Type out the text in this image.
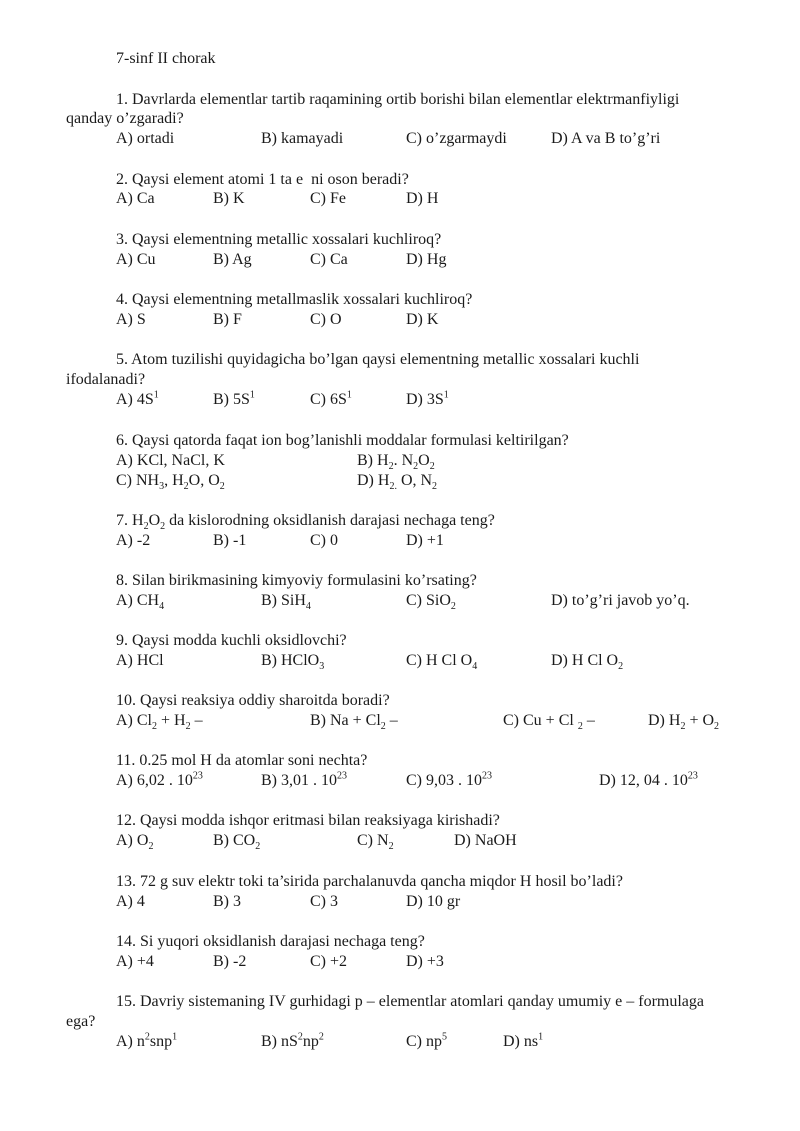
7-sinf II chorak
1. Davrlarda elementlar tartib raqamining ortib borishi bilan elementlar elektrmanfiyligi
qanday o’zgaradi?
A) ortadi	B) kamayadi	C) o’zgarmaydi	D) A va B to’g’ri
2. Qaysi element atomi 1 ta e ni oson beradi?
A) Ca	B) K	C) Fe	D) H
3. Qaysi elementning metallic xossalari kuchliroq?
A) Cu	B) Ag	C) Ca	D) Hg
4. Qaysi elementning metallmaslik xossalari kuchliroq?
A) S	B) F	C) O	D) K
5. Atom tuzilishi quyidagicha bo’lgan qaysi elementning metallic xossalari kuchli
ifodalanadi?
A) $4S^1$	B) $5S^1$	C) $6S^1$	D) $3S^1$
6. Qaysi qatorda faqat ion bog’lanishli moddalar formulasi keltirilgan?
A) KCl, NaCl, K	B) $H_2$. $N_2O_2$
C) $NH_3$, $H_2O$, $O_2$	D) $H_{2.}$ O, $N_2$
7. $H_2O_2$ da kislorodning oksidlanish darajasi nechaga teng?
A) -2	B) -1	C) 0	D) +1
8. Silan birikmasining kimyoviy formulasini ko’rsating?
A) $CH_4$	B) SiH$_4$	C) SiO$_2$	D) to’g’ri javob yo’q.
9. Qaysi modda kuchli oksidlovchi?
A) HCl	B) HClO$_3$	C) H Cl $O_4$	D) H Cl $O_2$
10. Qaysi reaksiya oddiy sharoitda boradi?
A) $Cl_2 + H_2$ –	B) $Na + Cl_2$ –	C) Cu + Cl $_2$ –	D) $H_2 + O_2$
11. 0.25 mol H da atomlar soni nechta?
A) 6,02 . $10^{23}$	B) 3,01 . $10^{23}$	C) 9,03 . $10^{23}$	D) 12, 04 . $10^{23}$
12. Qaysi modda ishqor eritmasi bilan reaksiyaga kirishadi?
A) $O_2$	B) $CO_2$	C) $N_2$	D) NaOH
13. 72 g suv elektr toki ta’sirida parchalanuvda qancha miqdor H hosil bo’ladi?
A) 4	B) 3	C) 3	D) 10 gr
14. Si yuqori oksidlanish darajasi nechaga teng?
A) +4	B) -2	C) +2	D) +3
15. Davriy sistemaning IV gurhidagi p – elementlar atomlari qanday umumiy e – formulaga
ega?
A) $n^2snp^1$	B) $nS^2np^2$	C) $np^5$	D) $ns^1$
